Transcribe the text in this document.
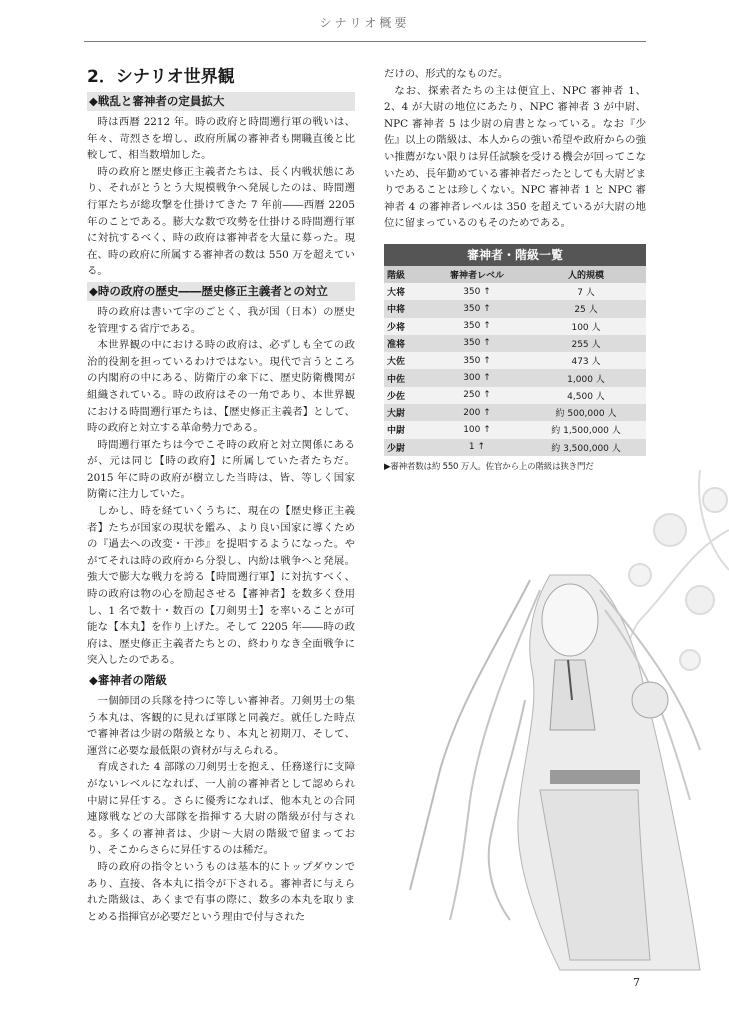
シナリオ概要
2．シナリオ世界観
◆戦乱と審神者の定員拡大

時は西暦 2212 年。時の政府と時間遡行軍の戦いは、年々、苛烈さを増し、政府所属の審神者も開職直後と比較して、相当数増加した。

時の政府と歴史修正主義者たちは、長く内戦状態にあり、それがとうとう大規模戦争へ発展したのは、時間遡行軍たちが総攻撃を仕掛けてきた 7 年前――西暦 2205 年のことである。膨大な数で攻勢を仕掛ける時間遡行軍に対抗するべく、時の政府は審神者を大量に募った。現在、時の政府に所属する審神者の数は 550 万を超えている。

◆時の政府の歴史――歴史修正主義者との対立

時の政府は書いて字のごとく、我が国（日本）の歴史を管理する省庁である。

本世界観の中における時の政府は、必ずしも全ての政治的役割を担っているわけではない。現代で言うところの内閣府の中にある、防衛庁の傘下に、歴史防衛機関が組織されている。時の政府はその一角であり、本世界観における時間遡行軍たちは、【歴史修正主義者】として、時の政府と対立する革命勢力である。

時間遡行軍たちは今でこそ時の政府と対立関係にあるが、元は同じ【時の政府】に所属していた者たちだ。2015 年に時の政府が樹立した当時は、皆、等しく国家防衛に注力していた。

しかし、時を経ていくうちに、現在の【歴史修正主義者】たちが国家の現状を鑑み、より良い国家に導くための『過去への改変・干渉』を提唱するようになった。やがてそれは時の政府から分裂し、内紛は戦争へと発展。強大で膨大な戦力を誇る【時間遡行軍】に対抗すべく、時の政府は物の心を励起させる【審神者】を数多く登用し、1 名で数十・数百の【刀剣男士】を率いることが可能な【本丸】を作り上げた。そして 2205 年――時の政府は、歴史修正主義者たちとの、終わりなき全面戦争に突入したのである。

◆審神者の階級

一個師団の兵隊を持つに等しい審神者。刀剣男士の集う本丸は、客観的に見れば軍隊と同義だ。就任した時点で審神者は少尉の階級となり、本丸と初期刀、そして、運営に必要な最低限の資材が与えられる。

育成された 4 部隊の刀剣男士を抱え、任務遂行に支障がないレベルになれば、一人前の審神者として認められ中尉に昇任する。さらに優秀になれば、他本丸との合同連隊戦などの大部隊を指揮する大尉の階級が付与される。多くの審神者は、少尉～大尉の階級で留まっており、そこからさらに昇任するのは稀だ。

時の政府の指令というものは基本的にトップダウンであり、直接、各本丸に指令が下される。審神者に与えられた階級は、あくまで有事の際に、数多の本丸を取りまとめる指揮官が必要だという理由で付与された

だけの、形式的なものだ。

なお、探索者たちの主は便宜上、NPC 審神者 1、2、4 が大尉の地位にあたり、NPC 審神者 3 が中尉、NPC 審神者 5 は少尉の肩書となっている。なお『少佐』以上の階級は、本人からの強い希望や政府からの強い推薦がない限りは昇任試験を受ける機会が回ってこないため、長年勤めている審神者だったとしても大尉どまりであることは珍しくない。NPC 審神者 1 と NPC 審神者 4 の審神者レベルは 350 を超えているが大尉の地位に留まっているのもそのためである。

審神者・階級一覧
階級	審神者レベル	人的規模
大将	350 ↑	7 人
中将	350 ↑	25 人
少将	350 ↑	100 人
准将	350 ↑	255 人
大佐	350 ↑	473 人
中佐	300 ↑	1,000 人
少佐	250 ↑	4,500 人
大尉	200 ↑	約 500,000 人
中尉	100 ↑	約 1,500,000 人
少尉	1 ↑	約 3,500,000 人
▶審神者数は約 550 万人。佐官から上の階級は狭き門だ
7
